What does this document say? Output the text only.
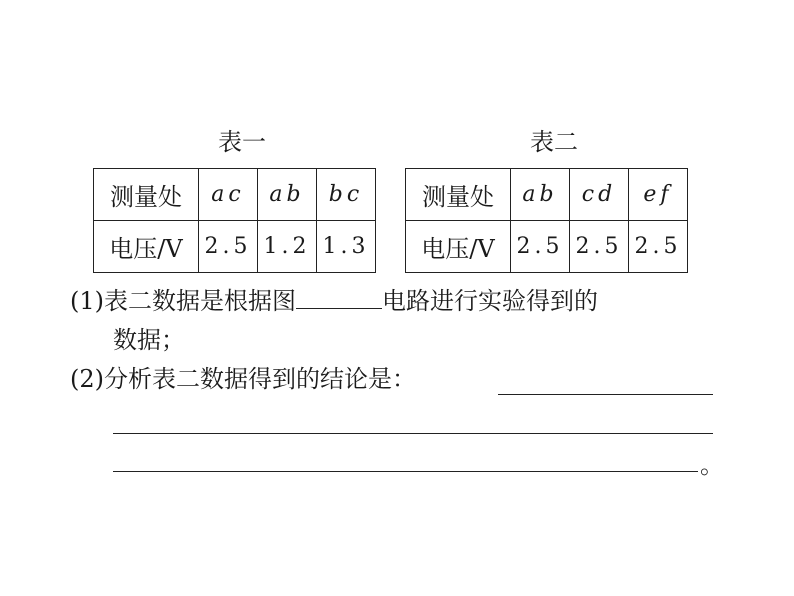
表一
测量处	ac	ab	bc
电压/V	2.5	1.2	1.3
表二
测量处	ab	cd	ef
电压/V	2.5	2.5	2.5
(1)表二数据是根据图	电路进行实验得到的
数据；
(2)分析表二数据得到的结论是：
。
